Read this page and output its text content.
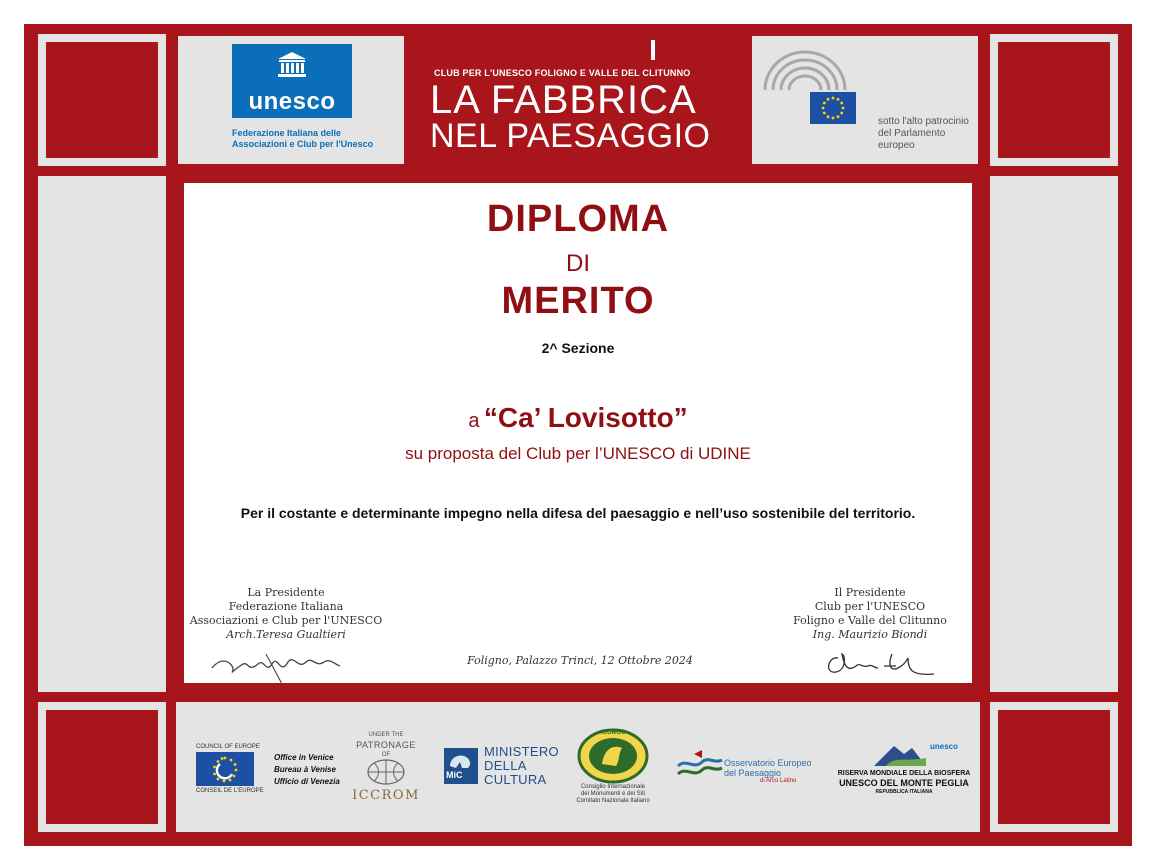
unesco
Federazione Italiana delle
Associazioni e Club per l'Unesco
CLUB PER L'UNESCO FOLIGNO E VALLE DEL CLITUNNO
LA FABBRICA
NEL PAESAGGIO	sotto l'alto patrocinio
del Parlamento europeo
DIPLOMA
DI
MERITO
2^ Sezione
a “Ca’ Lovisotto”
su proposta del Club per l’UNESCO di UDINE
Per il costante e determinante impegno nella difesa del paesaggio e nell’uso sostenibile del territorio.
La Presidente
Federazione Italiana
Associazioni e Club per l'UNESCO
Arch.Teresa Gualtieri
Foligno, Palazzo Trinci, 12 Ottobre 2024
Il Presidente
Club per l'UNESCO
Foligno e Valle del Clitunno
Ing. Maurizio Biondi
COUNCIL OF EUROPE
CONSEIL DE L'EUROPE
Office in Venice
Bureau à Venise
Ufficio di Venezia
UNDER THE
PATRONAGE
OF
ICCROM
MiC
MINISTERO
DELLA
CULTURA
ICOMOS
Consiglio Internazionale
dei Monumenti e dei Siti
Comitato Nazionale Italiano
Osservatorio Europeo
del Paesaggio
di Arco Latino
unesco
RISERVA MONDIALE DELLA BIOSFERA
UNESCO DEL MONTE PEGLIA
REPUBBLICA ITALIANA
